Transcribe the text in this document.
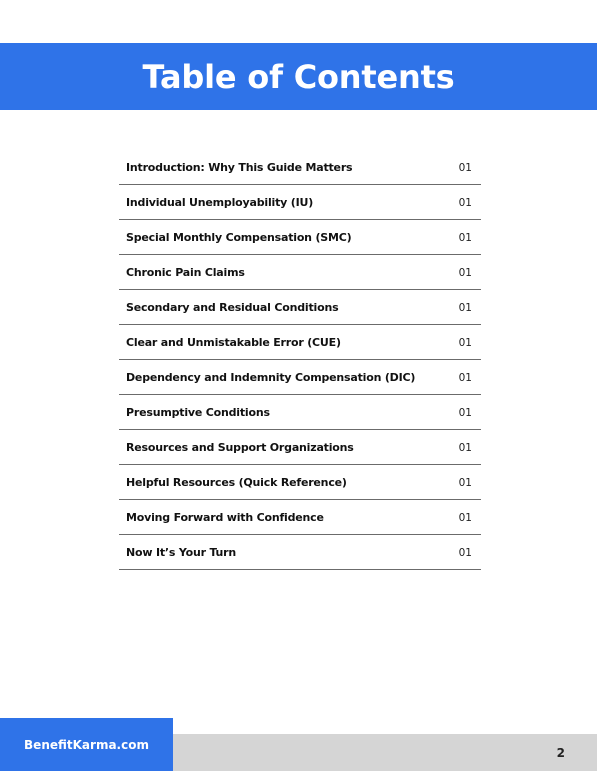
Table of Contents
Introduction: Why This Guide Matters	01
Individual Unemployability (IU)	01
Special Monthly Compensation (SMC)	01
Chronic Pain Claims	01
Secondary and Residual Conditions	01
Clear and Unmistakable Error (CUE)	01
Dependency and Indemnity Compensation (DIC)	01
Presumptive Conditions	01
Resources and Support Organizations	01
Helpful Resources (Quick Reference)	01
Moving Forward with Confidence	01
Now It’s Your Turn	01
BenefitKarma.com
2
